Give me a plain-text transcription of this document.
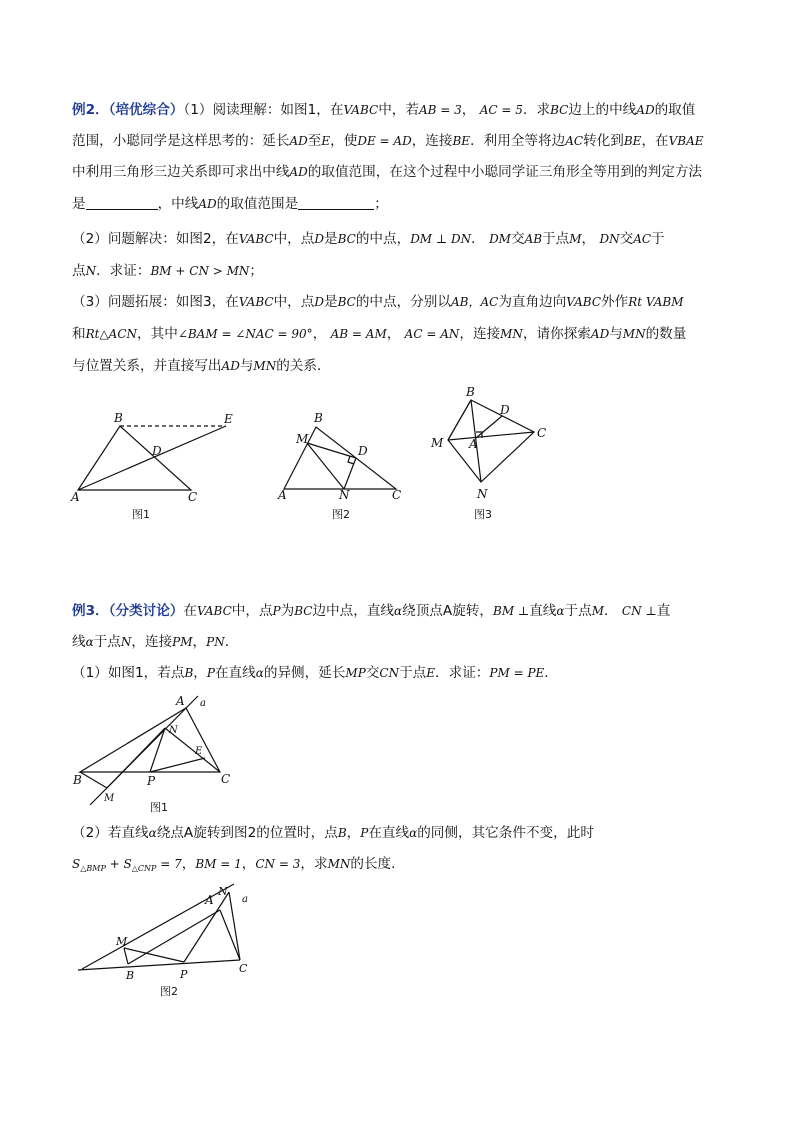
例2．（培优综合）（1）阅读理解：如图1，在VABC中，若AB = 3， AC = 5．求BC边上的中线AD的取值
范围，小聪同学是这样思考的：延长AD至E，使DE = AD，连接BE．利用全等将边AC转化到BE，在VBAE
中利用三角形三边关系即可求出中线AD的取值范围，在这个过程中小聪同学证三角形全等用到的判定方法
是	，中线AD的取值范围是	；
（2）问题解决：如图2，在VABC中，点D是BC的中点，DM ⊥ DN． DM交AB于点M， DN交AC于
点N．求证：BM + CN > MN；
（3）问题拓展：如图3，在VABC中，点D是BC的中点，分别以AB，AC为直角边向VABC外作Rt VABM
和Rt△ACN，其中∠BAM = ∠NAC = 90°， AB = AM， AC = AN，连接MN，请你探索AD与MN的数量
与位置关系，并直接写出AD与MN的关系．
B	E
D
A	C
图1
B
M
D
A	N	C
图2
B
D
C
M A
N
图3
例3．（分类讨论）在VABC中，点P为BC边中点，直线α绕顶点A旋转，BM ⊥直线α于点M． CN ⊥直
线α于点N，连接PM，PN．
（1）如图1，若点B，P在直线α的异侧，延长MP交CN于点E．求证：PM = PE．
A a
N
E
B	P	C
M
图1
（2）若直线α绕点A旋转到图2的位置时，点B，P在直线α的同侧，其它条件不变，此时
$S_{\triangle BMP} + S_{\triangle CNP} = 7$，BM = 1，CN = 3，求MN的长度．
A
N
a
M
B	P	C
图2
